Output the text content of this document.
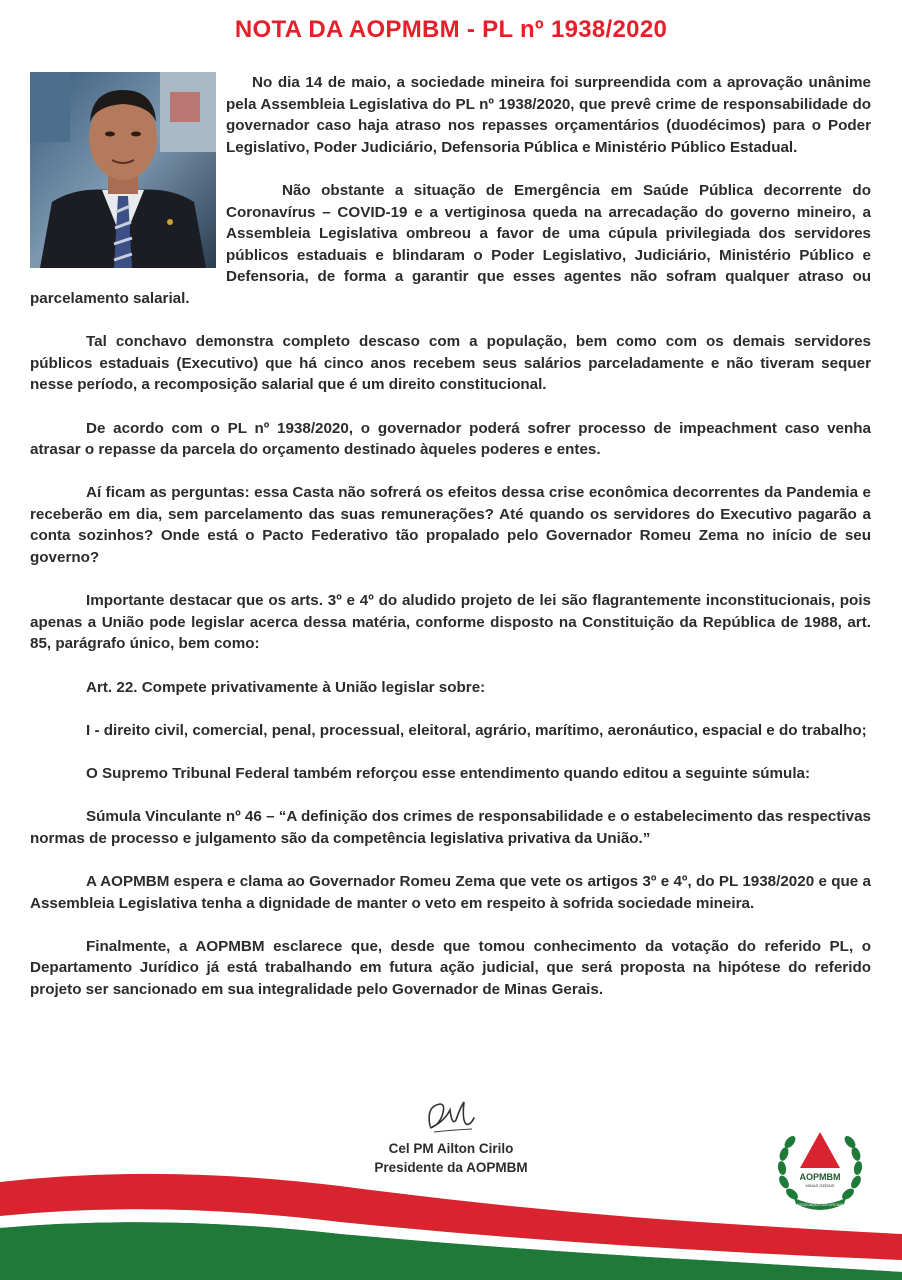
NOTA DA AOPMBM - PL nº 1938/2020

No dia 14 de maio, a sociedade mineira foi surpreendida com a aprovação unânime pela Assembleia Legislativa do PL nº 1938/2020, que prevê crime de responsabilidade do governador caso haja atraso nos repasses orçamentários (duodécimos) para o Poder Legislativo, Poder Judiciário, Defensoria Pública e Ministério Público Estadual.

Não obstante a situação de Emergência em Saúde Pública decorrente do Coronavírus – COVID-19 e a vertiginosa queda na arrecadação do governo mineiro, a Assembleia Legislativa ombreou a favor de uma cúpula privilegiada dos servidores públicos estaduais e blindaram o Poder Legislativo, Judiciário, Ministério Público e Defensoria, de forma a garantir que esses agentes não sofram qualquer atraso ou parcelamento salarial.

Tal conchavo demonstra completo descaso com a população, bem como com os demais servidores públicos estaduais (Executivo) que há cinco anos recebem seus salários parceladamente e não tiveram sequer nesse período, a recomposição salarial que é um direito constitucional.

De acordo com o PL nº 1938/2020, o governador poderá sofrer processo de impeachment caso venha atrasar o repasse da parcela do orçamento destinado àqueles poderes e entes.

Aí ficam as perguntas: essa Casta não sofrerá os efeitos dessa crise econômica decorrentes da Pandemia e receberão em dia, sem parcelamento das suas remunerações? Até quando os servidores do Executivo pagarão a conta sozinhos? Onde está o Pacto Federativo tão propalado pelo Governador Romeu Zema no início de seu governo?

Importante destacar que os arts. 3º e 4º do aludido projeto de lei são flagrantemente inconstitucionais, pois apenas a União pode legislar acerca dessa matéria, conforme disposto na Constituição da República de 1988, art. 85, parágrafo único, bem como:

Art. 22. Compete privativamente à União legislar sobre:

I - direito civil, comercial, penal, processual, eleitoral, agrário, marítimo, aeronáutico, espacial e do trabalho;

O Supremo Tribunal Federal também reforçou esse entendimento quando editou a seguinte súmula:

Súmula Vinculante nº 46 – “A definição dos crimes de responsabilidade e o estabelecimento das respectivas normas de processo e julgamento são da competência legislativa privativa da União.”

A AOPMBM espera e clama ao Governador Romeu Zema que vete os artigos 3º e 4º, do PL 1938/2020 e que a Assembleia Legislativa tenha a dignidade de manter o veto em respeito à sofrida sociedade mineira.

Finalmente, a AOPMBM esclarece que, desde que tomou conhecimento da votação do referido PL, o Departamento Jurídico já está trabalhando em futura ação judicial, que será proposta na hipótese do referido projeto ser sancionado em sua integralidade pelo Governador de Minas Gerais.

Cel PM Ailton Cirilo
Presidente da AOPMBM
AOPMBM
MINAS GERAIS
ASSOCIAÇÃO DOS OFICIAIS
